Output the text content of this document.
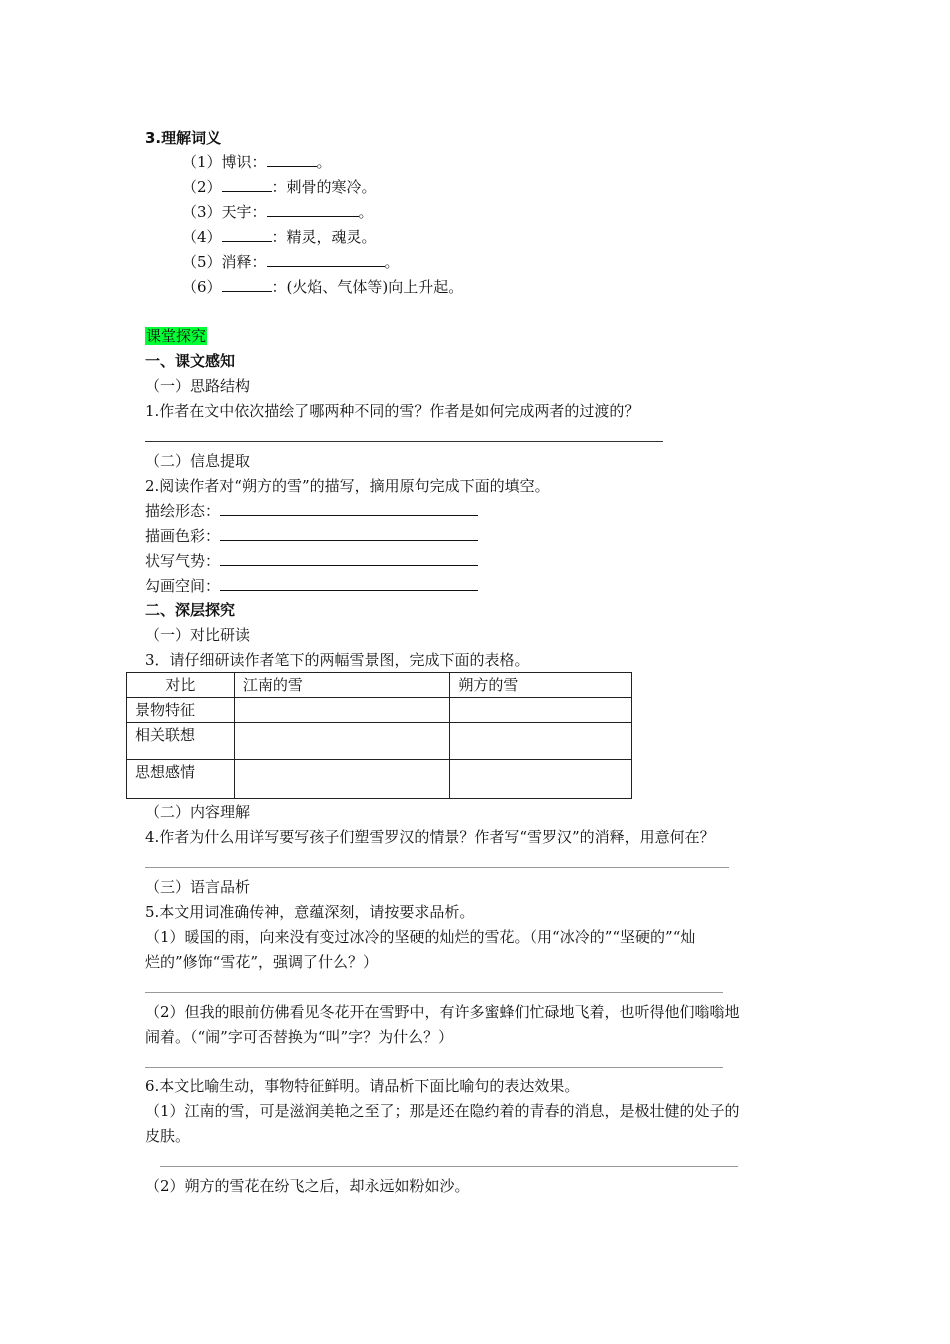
3.理解词义
（1）博识：	。
（2）	：刺骨的寒冷。
（3）天宇：	。
（4）	：精灵，魂灵。
（5）消释：	。
（6）	：(火焰、气体等)向上升起。
课堂探究
一、课文感知
（一）思路结构
1.作者在文中依次描绘了哪两种不同的雪？作者是如何完成两者的过渡的？
（二）信息提取
2.阅读作者对“朔方的雪”的描写，摘用原句完成下面的填空。
描绘形态：
描画色彩：
状写气势：
勾画空间：
二、深层探究
（一）对比研读
3．请仔细研读作者笔下的两幅雪景图，完成下面的表格。
对比	江南的雪	朔方的雪
景物特征		
相关联想		
思想感情		
（二）内容理解
4.作者为什么用详写要写孩子们塑雪罗汉的情景？作者写“雪罗汉”的消释，用意何在？
（三）语言品析
5.本文用词准确传神，意蕴深刻，请按要求品析。
（1）暖国的雨，向来没有变过冰冷的坚硬的灿烂的雪花。（用“冰冷的”“坚硬的”“灿
烂的”修饰“雪花”，强调了什么？）
（2）但我的眼前仿佛看见冬花开在雪野中，有许多蜜蜂们忙碌地飞着，也听得他们嗡嗡地
闹着。（“闹”字可否替换为“叫”字？为什么？）
6.本文比喻生动，事物特征鲜明。请品析下面比喻句的表达效果。
（1）江南的雪，可是滋润美艳之至了；那是还在隐约着的青春的消息，是极壮健的处子的
皮肤。
（2）朔方的雪花在纷飞之后，却永远如粉如沙。
